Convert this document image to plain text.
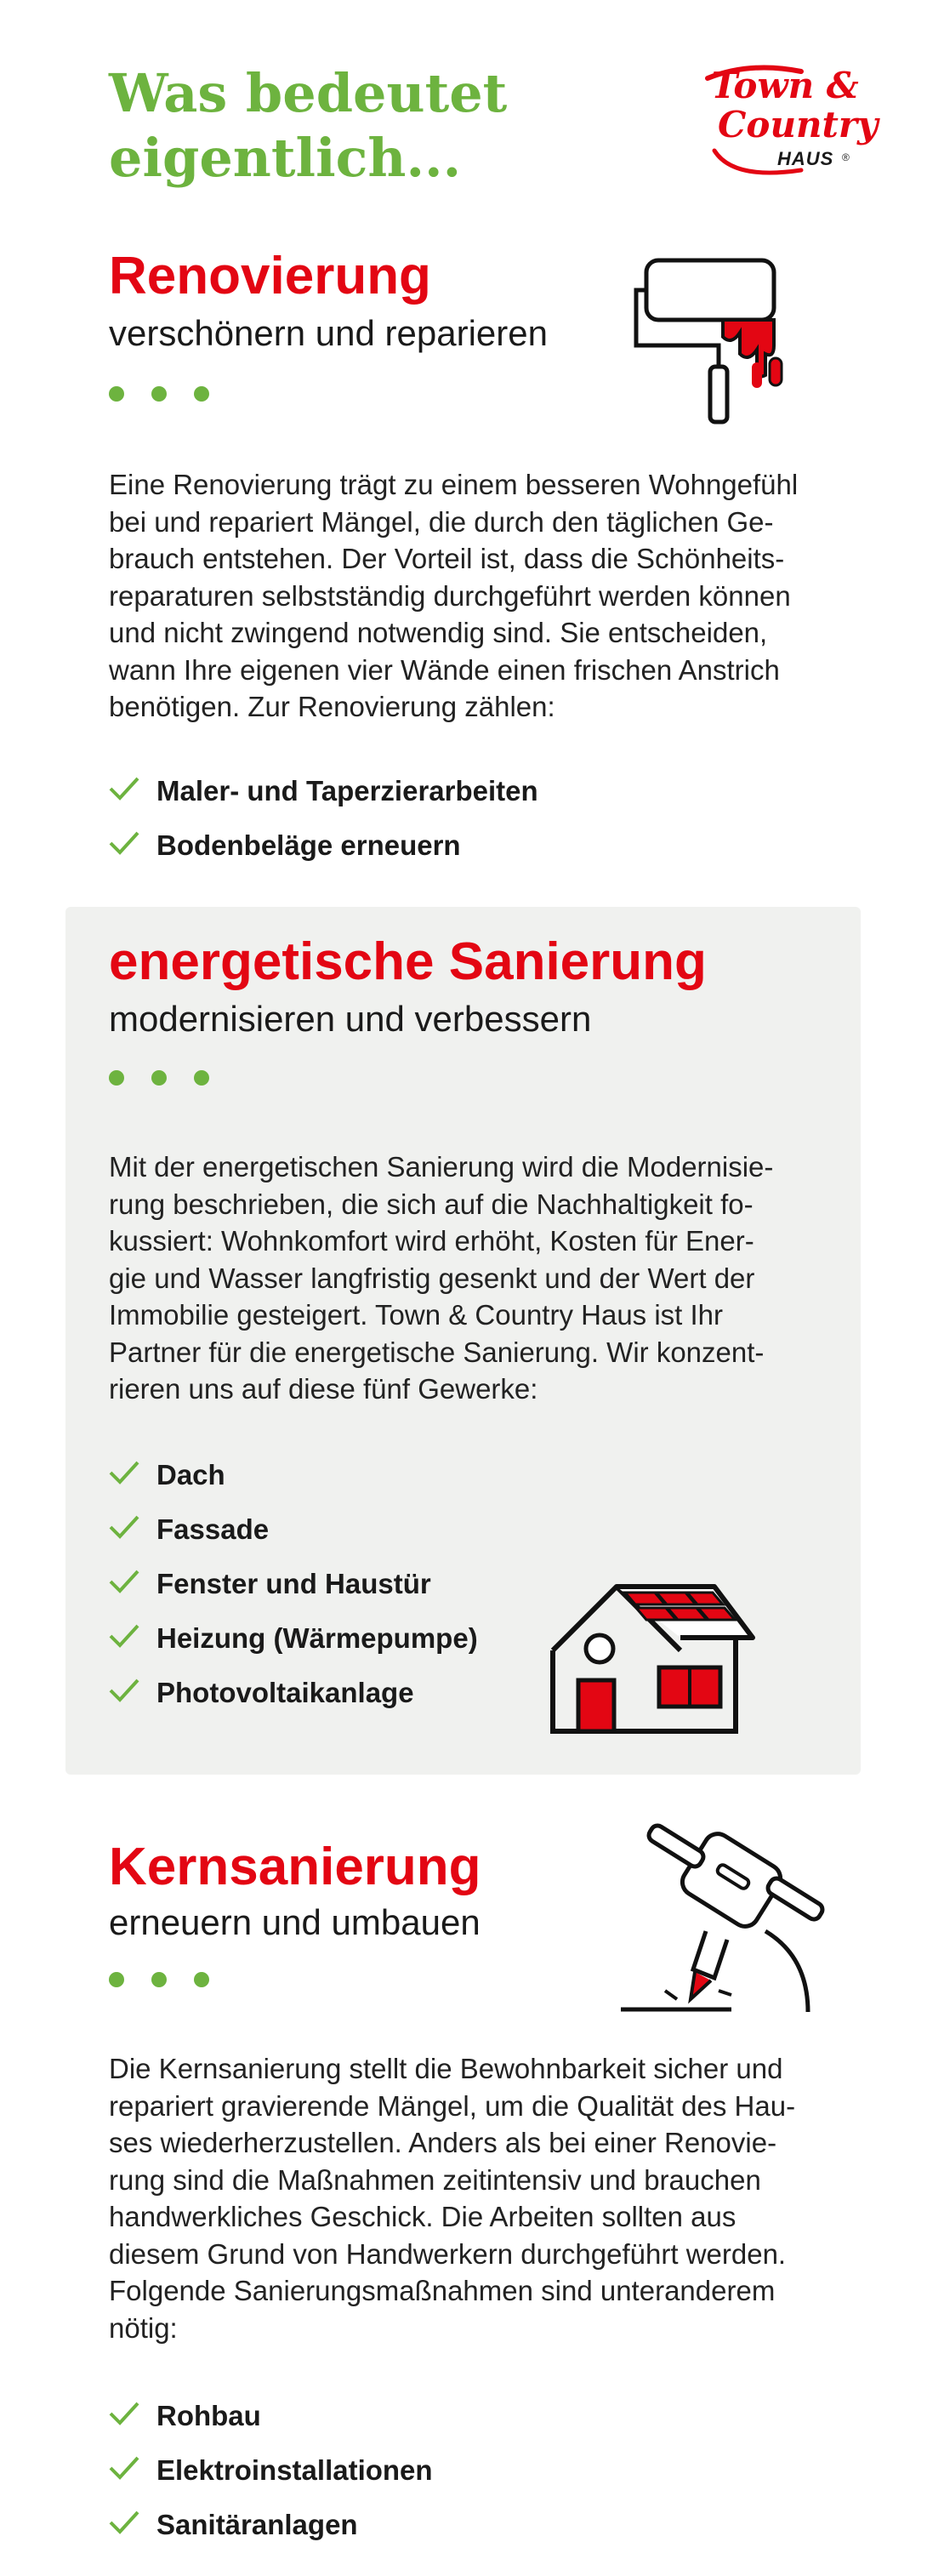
Was bedeutet
eigentlich...
Town &
Country
HAUS ®
Renovierung

verschönern und reparieren

Eine Renovierung trägt zu einem besseren Wohngefühl
bei und repariert Mängel, die durch den täglichen Ge-
brauch entstehen. Der Vorteil ist, dass die Schönheits-
reparaturen selbstständig durchgeführt werden können
und nicht zwingend notwendig sind. Sie entscheiden,
wann Ihre eigenen vier Wände einen frischen Anstrich
benötigen. Zur Renovierung zählen:
Maler- und Taperzierarbeiten
Bodenbeläge erneuern
energetische Sanierung

modernisieren und verbessern

Mit der energetischen Sanierung wird die Modernisie-
rung beschrieben, die sich auf die Nachhaltigkeit fo-
kussiert: Wohnkomfort wird erhöht, Kosten für Ener-
gie und Wasser langfristig gesenkt und der Wert der
Immobilie gesteigert. Town & Country Haus ist Ihr
Partner für die energetische Sanierung. Wir konzent-
rieren uns auf diese fünf Gewerke:
Dach
Fassade
Fenster und Haustür
Heizung (Wärmepumpe)
Photovoltaikanlage
Kernsanierung

erneuern und umbauen

Die Kernsanierung stellt die Bewohnbarkeit sicher und
repariert gravierende Mängel, um die Qualität des Hau-
ses wiederherzustellen. Anders als bei einer Renovie-
rung sind die Maßnahmen zeitintensiv und brauchen
handwerkliches Geschick. Die Arbeiten sollten aus
diesem Grund von Handwerkern durchgeführt werden.
Folgende Sanierungsmaßnahmen sind unteranderem
nötig:
Rohbau
Elektroinstallationen
Sanitäranlagen
